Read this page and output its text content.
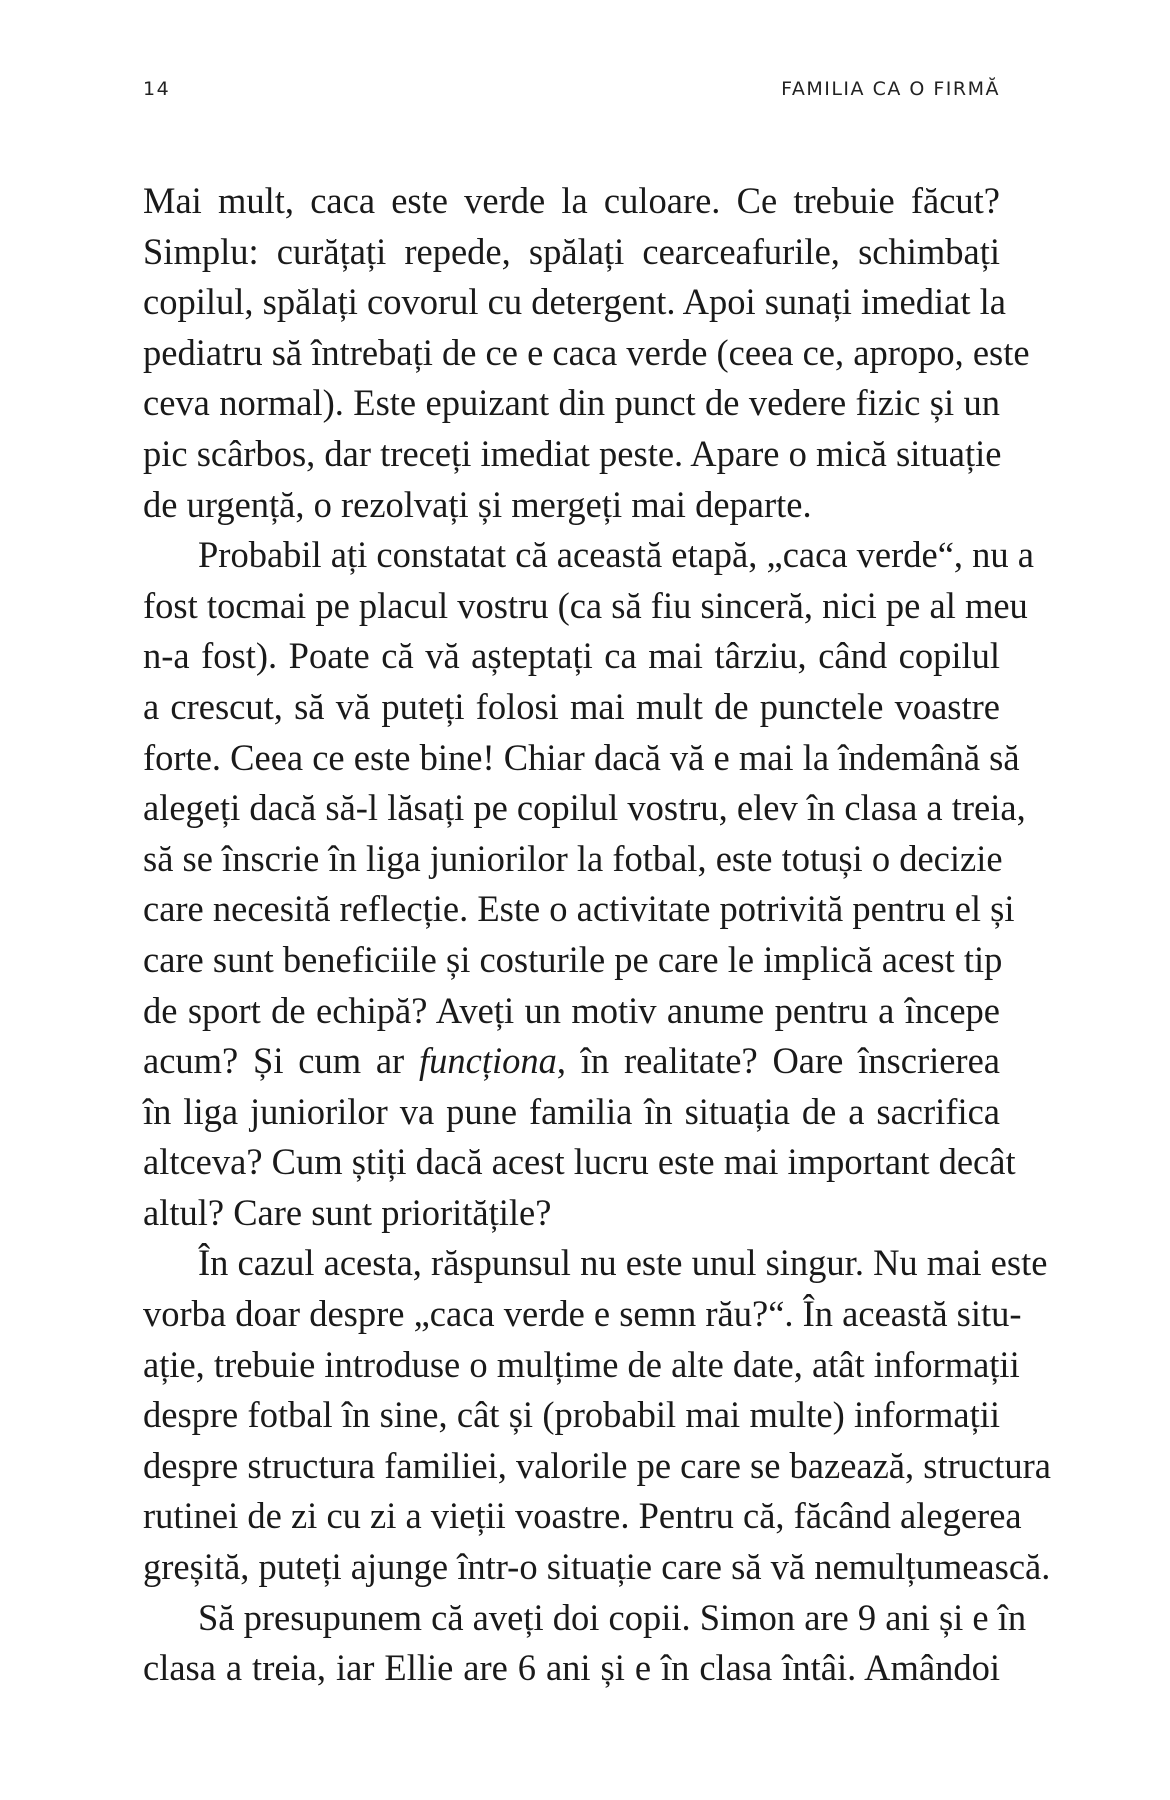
14	FAMILIA CA O FIRMĂ
Mai mult, caca este verde la culoare. Ce trebuie făcut?
Simplu: curățați repede, spălați cearceafurile, schimbați
copilul, spălați covorul cu detergent. Apoi sunați imediat la
pediatru să întrebați de ce e caca verde (ceea ce, apropo, este
ceva normal). Este epuizant din punct de vedere fizic și un
pic scârbos, dar treceți imediat peste. Apare o mică situație
de urgență, o rezolvați și mergeți mai departe.
Probabil ați constatat că această etapă, „caca verde“, nu a
fost tocmai pe placul vostru (ca să fiu sinceră, nici pe al meu
n-a fost). Poate că vă așteptați ca mai târziu, când copilul
a crescut, să vă puteți folosi mai mult de punctele voastre
forte. Ceea ce este bine! Chiar dacă vă e mai la îndemână să
alegeți dacă să-l lăsați pe copilul vostru, elev în clasa a treia,
să se înscrie în liga juniorilor la fotbal, este totuși o decizie
care necesită reflecție. Este o activitate potrivită pentru el și
care sunt beneficiile și costurile pe care le implică acest tip
de sport de echipă? Aveți un motiv anume pentru a începe
acum? Și cum ar funcționa, în realitate? Oare înscrierea
în liga juniorilor va pune familia în situația de a sacrifica
altceva? Cum știți dacă acest lucru este mai important decât
altul? Care sunt prioritățile?
În cazul acesta, răspunsul nu este unul singur. Nu mai este
vorba doar despre „caca verde e semn rău?“. În această situ-
ație, trebuie introduse o mulțime de alte date, atât informații
despre fotbal în sine, cât și (probabil mai multe) informații
despre structura familiei, valorile pe care se bazează, structura
rutinei de zi cu zi a vieții voastre. Pentru că, făcând alegerea
greșită, puteți ajunge într-o situație care să vă nemulțumească.
Să presupunem că aveți doi copii. Simon are 9 ani și e în
clasa a treia, iar Ellie are 6 ani și e în clasa întâi. Amândoi
